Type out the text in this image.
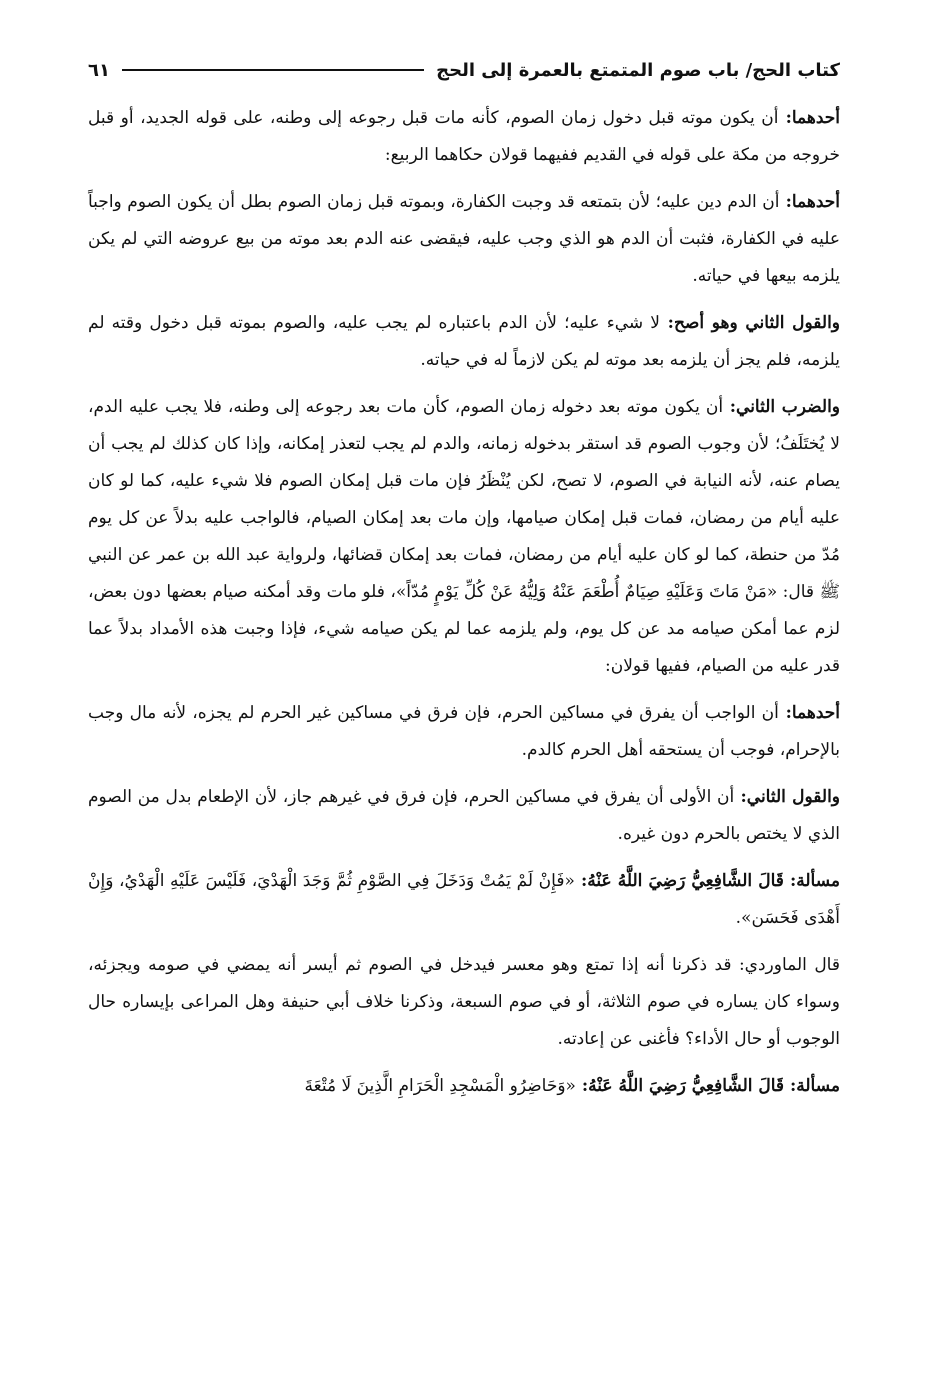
كتاب الحج/ باب صوم المتمتع بالعمرة إلى الحج
٦١

أحدهما: أن يكون موته قبل دخول زمان الصوم، كأنه مات قبل رجوعه إلى وطنه، على قوله الجديد، أو قبل خروجه من مكة على قوله في القديم ففيهما قولان حكاهما الربيع:

أحدهما: أن الدم دين عليه؛ لأن بتمتعه قد وجبت الكفارة، وبموته قبل زمان الصوم بطل أن يكون الصوم واجباً عليه في الكفارة، فثبت أن الدم هو الذي وجب عليه، فيقضى عنه الدم بعد موته من بيع عروضه التي لم يكن يلزمه بيعها في حياته.

والقول الثاني وهو أصح: لا شيء عليه؛ لأن الدم باعتباره لم يجب عليه، والصوم بموته قبل دخول وقته لم يلزمه، فلم يجز أن يلزمه بعد موته لم يكن لازماً له في حياته.

والضرب الثاني: أن يكون موته بعد دخوله زمان الصوم، كأن مات بعد رجوعه إلى وطنه، فلا يجب عليه الدم، لا يُختَلَفُ؛ لأن وجوب الصوم قد استقر بدخوله زمانه، والدم لم يجب لتعذر إمكانه، وإذا كان كذلك لم يجب أن يصام عنه، لأنه النيابة في الصوم، لا تصح، لكن يُنْظَرُ فإن مات قبل إمكان الصوم فلا شيء عليه، كما لو كان عليه أيام من رمضان، فمات قبل إمكان صيامها، وإن مات بعد إمكان الصيام، فالواجب عليه بدلاً عن كل يوم مُدّ من حنطة، كما لو كان عليه أيام من رمضان، فمات بعد إمكان قضائها، ولرواية عبد الله بن عمر عن النبي ﷺ قال: «مَنْ مَاتَ وَعَلَيْهِ صِيَامٌ أُطْعَمَ عَنْهُ وَلِيُّهُ عَنْ كُلِّ يَوْمٍ مُدّاً»، فلو مات وقد أمكنه صيام بعضها دون بعض، لزم عما أمكن صيامه مد عن كل يوم، ولم يلزمه عما لم يكن صيامه شيء، فإذا وجبت هذه الأمداد بدلاً عما قدر عليه من الصيام، ففيها قولان:

أحدهما: أن الواجب أن يفرق في مساكين الحرم، فإن فرق في مساكين غير الحرم لم يجزه، لأنه مال وجب بالإحرام، فوجب أن يستحقه أهل الحرم كالدم.

والقول الثاني: أن الأولى أن يفرق في مساكين الحرم، فإن فرق في غيرهم جاز، لأن الإطعام بدل من الصوم الذي لا يختص بالحرم دون غيره.

مسألة: قَالَ الشَّافِعِيُّ رَضِيَ اللَّهُ عَنْهُ: «فَإِنْ لَمْ يَمُتْ وَدَخَلَ فِي الصَّوْمِ ثُمَّ وَجَدَ الْهَدْيَ، فَلَيْسَ عَلَيْهِ الْهَدْيُ، وَإِنْ أَهْدَى فَحَسَن».

قال الماوردي: قد ذكرنا أنه إذا تمتع وهو معسر فيدخل في الصوم ثم أيسر أنه يمضي في صومه ويجزئه، وسواء كان يساره في صوم الثلاثة، أو في صوم السبعة، وذكرنا خلاف أبي حنيفة وهل المراعى بإيساره حال الوجوب أو حال الأداء؟ فأغنى عن إعادته.

مسألة: قَالَ الشَّافِعِيُّ رَضِيَ اللَّهُ عَنْهُ: «وَحَاضِرُو الْمَسْجِدِ الْحَرَامِ الَّذِينَ لَا مُتْعَةَ
